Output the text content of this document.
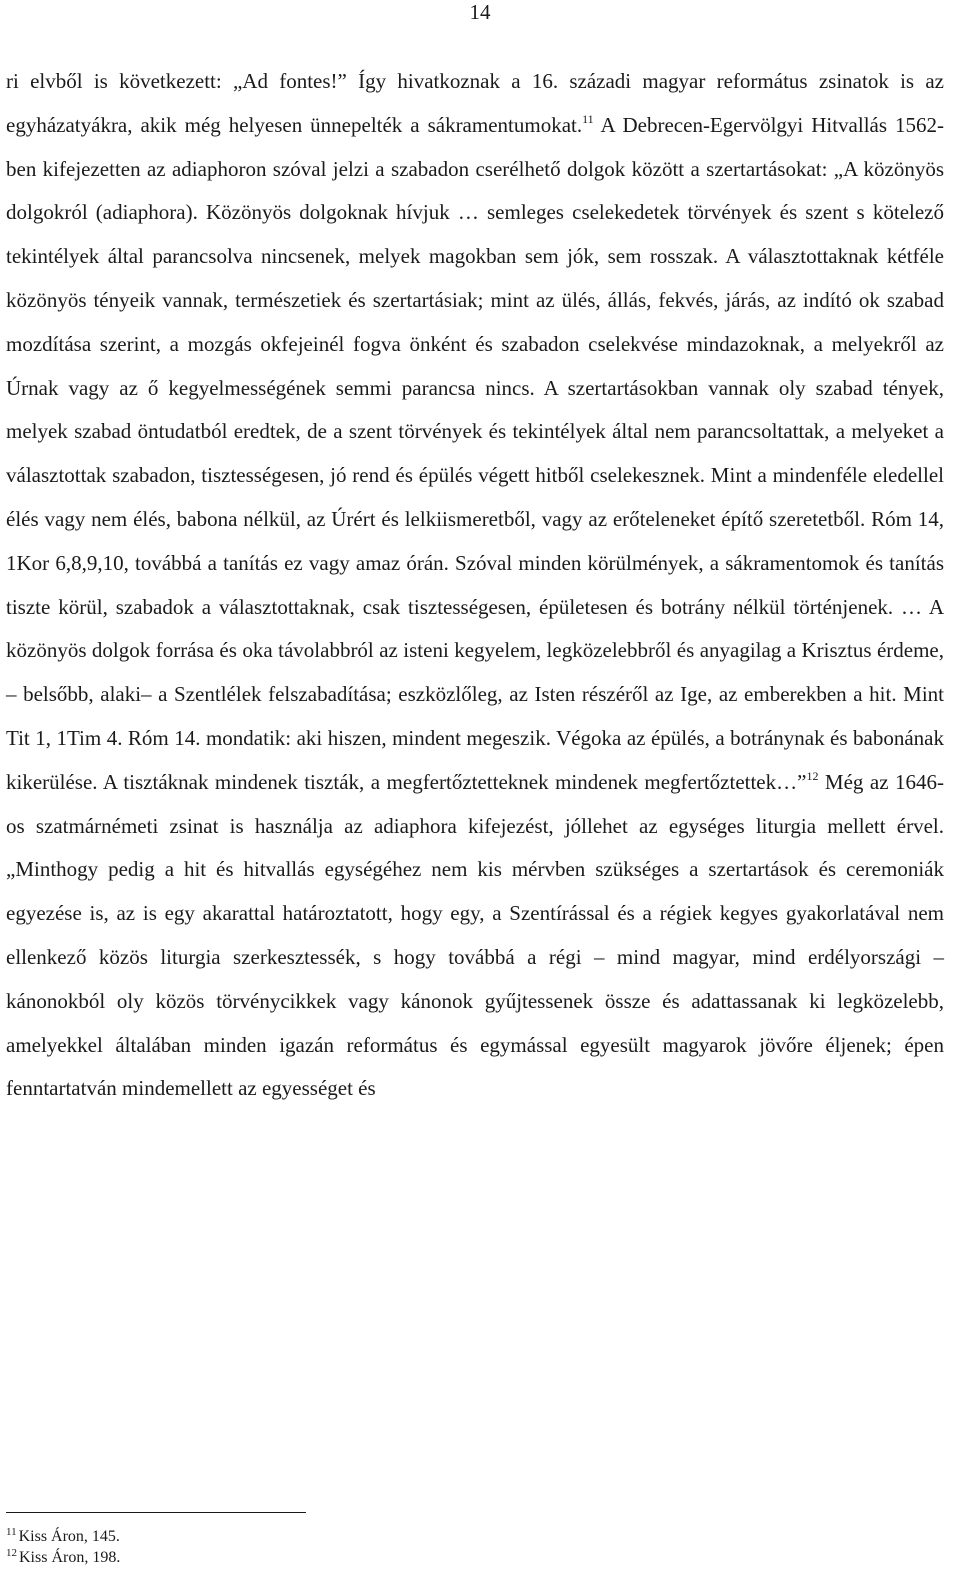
14

ri elvből is következett: „Ad fontes!” Így hivatkoznak a 16. századi magyar református zsinatok is az egyházatyákra, akik még helyesen ünnepelték a sákramentumokat.$^{11}$ A Debrecen-Egervölgyi Hitvallás 1562-ben kifejezetten az adiaphoron szóval jelzi a szabadon cserélhető dolgok között a szertartásokat: „A közönyös dolgokról (adiaphora). Közönyös dolgoknak hívjuk … semleges cselekedetek törvények és szent s kötelező tekintélyek által parancsolva nincsenek, melyek magokban sem jók, sem rosszak. A választottaknak kétféle közönyös tényeik vannak, természetiek és szertartásiak; mint az ülés, állás, fekvés, járás, az indító ok szabad mozdítása szerint, a mozgás okfejeinél fogva önként és szabadon cselekvése mindazoknak, a melyekről az Úrnak vagy az ő kegyelmességének semmi parancsa nincs. A szertartásokban vannak oly szabad tények, melyek szabad öntudatból eredtek, de a szent törvények és tekintélyek által nem parancsoltattak, a melyeket a választottak szabadon, tisztességesen, jó rend és épülés végett hitből cselekesznek. Mint a mindenféle eledellel élés vagy nem élés, babona nélkül, az Úrért és lelkiismeretből, vagy az erőteleneket építő szeretetből. Róm 14, 1Kor 6,8,9,10, továbbá a tanítás ez vagy amaz órán. Szóval minden körülmények, a sákramentomok és tanítás tiszte körül, szabadok a választottaknak, csak tisztességesen, épületesen és botrány nélkül történjenek. … A közönyös dolgok forrása és oka távolabbról az isteni kegyelem, legközelebbről és anyagilag a Krisztus érdeme, – belsőbb, alaki– a Szentlélek felszabadítása; eszközlőleg, az Isten részéről az Ige, az emberekben a hit. Mint Tit 1, 1Tim 4. Róm 14. mondatik: aki hiszen, mindent megeszik. Végoka az épülés, a botránynak és babonának kikerülése. A tisztáknak mindenek tiszták, a megfertőztetteknek mindenek megfertőztettek…”$^{12}$ Még az 1646-os szatmárnémeti zsinat is használja az adiaphora kifejezést, jóllehet az egységes liturgia mellett érvel. „Minthogy pedig a hit és hitvallás egységéhez nem kis mérvben szükséges a szertartások és ceremoniák egyezése is, az is egy akarattal határoztatott, hogy egy, a Szentírással és a régiek kegyes gyakorlatával nem ellenkező közös liturgia szerkesztessék, s hogy továbbá a régi – mind magyar, mind erdélyországi – kánonokból oly közös törvénycikkek vagy kánonok gyűjtessenek össze és adattassanak ki legközelebb, amelyekkel általában minden igazán református és egymással egyesült magyarok jövőre éljenek; épen fenntartatván mindemellett az egyességet és

$^{11}$ Kiss Áron, 145.

$^{12}$ Kiss Áron, 198.
